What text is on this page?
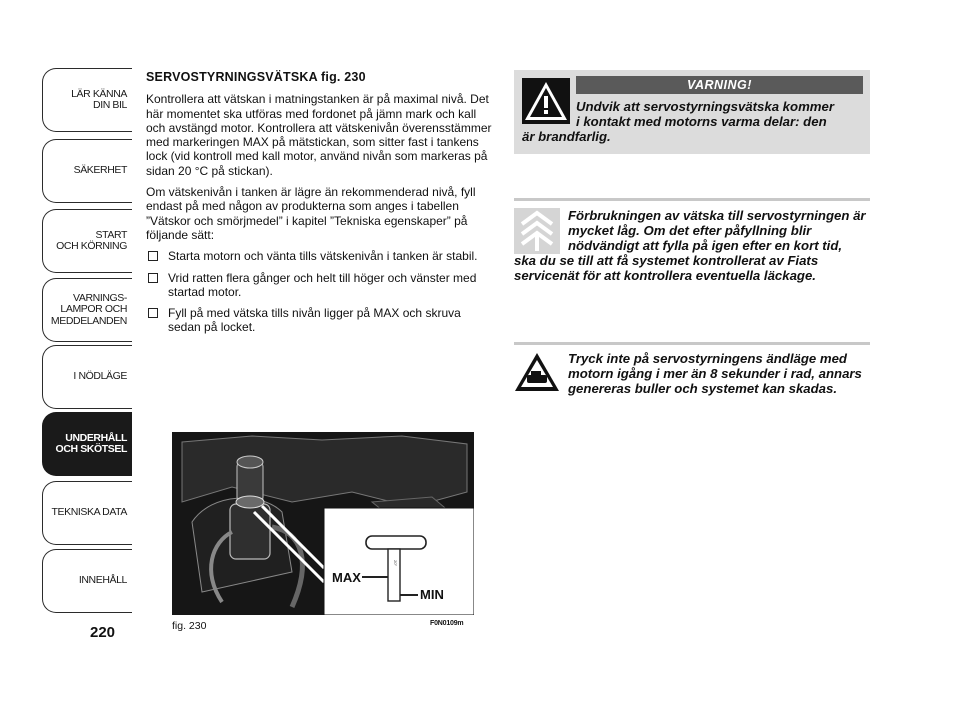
LÄR KÄNNA
DIN BIL
SÄKERHET
START
OCH KÖRNING
VARNINGS-
LAMPOR OCH
MEDDELANDEN
I NÖDLÄGE
UNDERHÅLL
OCH SKÖTSEL
TEKNISKA DATA
INNEHÅLL
220
SERVOSTYRNINGSVÄTSKA fig. 230

Kontrollera att vätskan i matningstanken är på maximal nivå. Det här momentet ska utföras med fordonet på jämn mark och kall och avstängd motor. Kontrollera att vätskenivån överensstämmer med markeringen MAX på mätstickan, som sitter fast i tankens lock (vid kontroll med kall motor, använd nivån som markeras på sidan 20 °C på stickan).

Om vätskenivån i tanken är lägre än rekommenderad nivå, fyll endast på med någon av produkterna som anges i tabellen ”Vätskor och smörjmedel” i kapitel ”Tekniska egenskaper” på följande sätt:

Starta motorn och vänta tills vätskenivån i tanken är stabil.
Vrid ratten flera gånger och helt till höger och vänster med startad motor.
Fyll på med vätska tills nivån ligger på MAX och skruva sedan på locket.
20°
MAX
MIN
fig. 230	F0N0109m
VARNING!
Undvik att servostyrningsvätska kommer
i kontakt med motorns varma delar: den
är brandfarlig.
Förbrukningen av vätska till servostyrningen är mycket låg. Om det efter påfyllning blir nödvändigt att fylla på igen efter en kort tid, ska du se till att få systemet kontrollerat av Fiats servicenät för att kontrollera eventuella läckage.
Tryck inte på servostyrningens ändläge med motorn igång i mer än 8 sekunder i rad, annars genereras buller och systemet kan skadas.
